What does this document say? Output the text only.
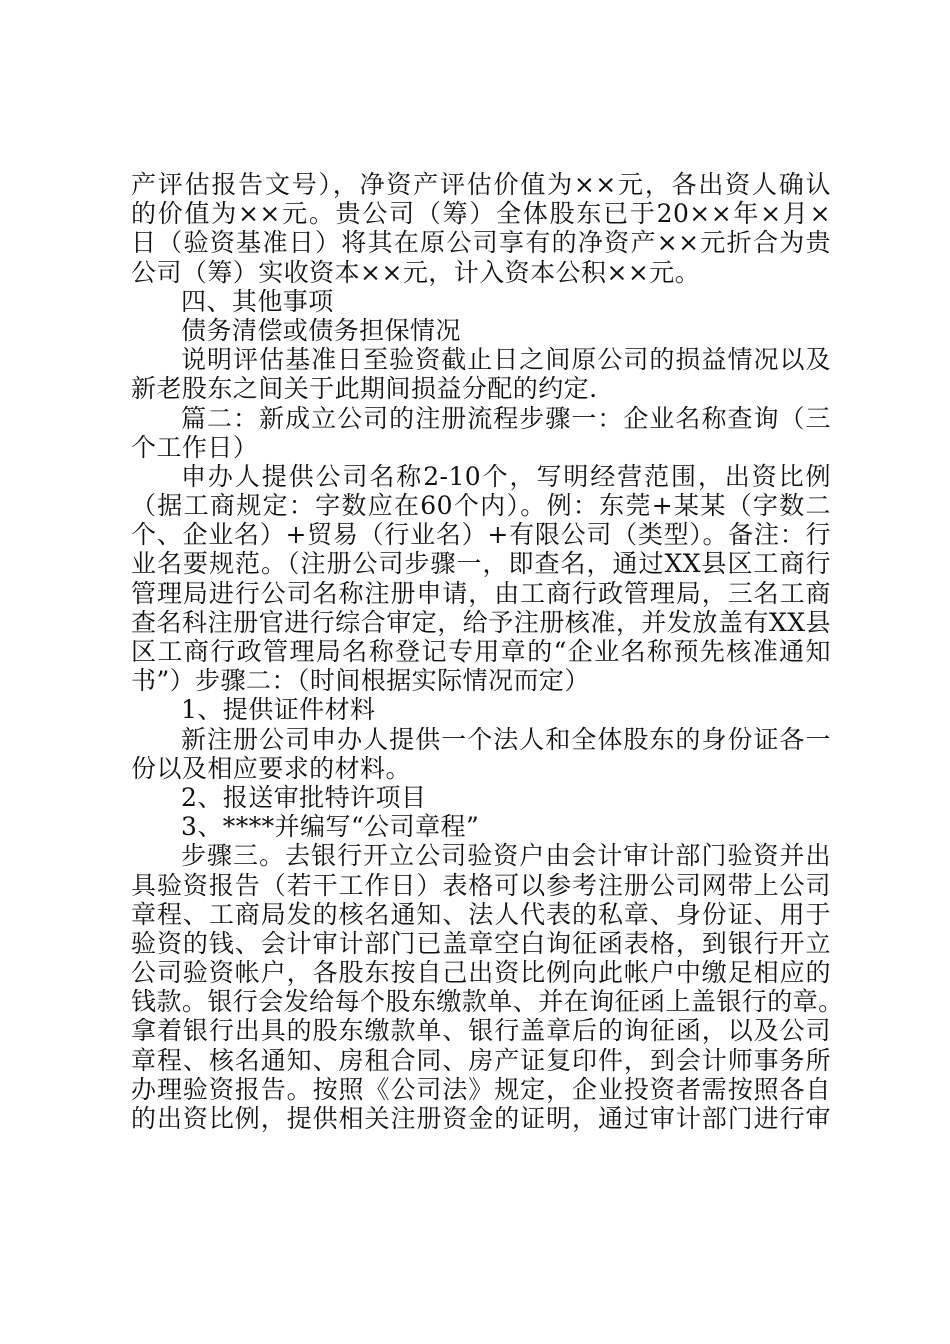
产评估报告文号），净资产评估价值为××元，各出资人确认
的价值为××元。贵公司（筹）全体股东已于20××年×月×
日（验资基准日）将其在原公司享有的净资产××元折合为贵
公司（筹）实收资本××元，计入资本公积××元。
四、其他事项
债务清偿或债务担保情况
说明评估基准日至验资截止日之间原公司的损益情况以及
新老股东之间关于此期间损益分配的约定.
篇二：新成立公司的注册流程步骤一：企业名称查询（三
个工作日）
申办人提供公司名称2-10个，写明经营范围，出资比例
（据工商规定：字数应在60个内）。例：东莞+某某（字数二
个、企业名）+贸易（行业名）+有限公司（类型）。备注：行
业名要规范。（注册公司步骤一，即查名，通过XX县区工商行
管理局进行公司名称注册申请，由工商行政管理局，三名工商
查名科注册官进行综合审定，给予注册核准，并发放盖有XX县
区工商行政管理局名称登记专用章的“企业名称预先核准通知
书”）步骤二：（时间根据实际情况而定）
1、提供证件材料
新注册公司申办人提供一个法人和全体股东的身份证各一
份以及相应要求的材料。
2、报送审批特许项目
3、****并编写“公司章程”
步骤三。去银行开立公司验资户由会计审计部门验资并出
具验资报告（若干工作日）表格可以参考注册公司网带上公司
章程、工商局发的核名通知、法人代表的私章、身份证、用于
验资的钱、会计审计部门已盖章空白询征函表格，到银行开立
公司验资帐户，各股东按自己出资比例向此帐户中缴足相应的
钱款。银行会发给每个股东缴款单、并在询征函上盖银行的章。
拿着银行出具的股东缴款单、银行盖章后的询征函，以及公司
章程、核名通知、房租合同、房产证复印件，到会计师事务所
办理验资报告。按照《公司法》规定，企业投资者需按照各自
的出资比例，提供相关注册资金的证明，通过审计部门进行审
